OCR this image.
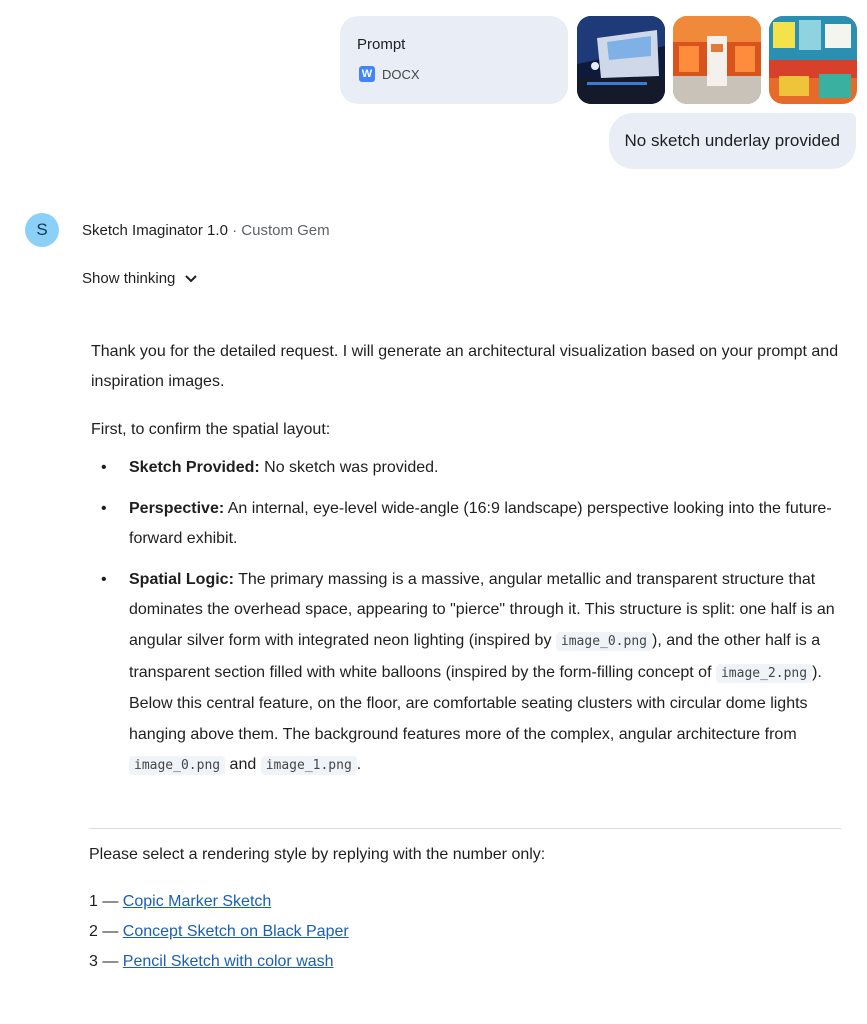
Prompt
W DOCX
No sketch underlay provided
S	Sketch Imaginator 1.0 · Custom Gem
Show thinking
Thank you for the detailed request. I will generate an architectural visualization based on your prompt and inspiration images.
First, to confirm the spatial layout:
• Sketch Provided: No sketch was provided.
• Perspective: An internal, eye-level wide-angle (16:9 landscape) perspective looking into the future-forward exhibit.
• Spatial Logic: The primary massing is a massive, angular metallic and transparent structure that dominates the overhead space, appearing to "pierce" through it. This structure is split: one half is an angular silver form with integrated neon lighting (inspired by image_0.png ), and the other half is a transparent section filled with white balloons (inspired by the form-filling concept of image_2.png ). Below this central feature, on the floor, are comfortable seating clusters with circular dome lights hanging above them. The background features more of the complex, angular architecture from image_0.png and image_1.png .
Please select a rendering style by replying with the number only:
1 — Copic Marker Sketch
2 — Concept Sketch on Black Paper
3 — Pencil Sketch with color wash
